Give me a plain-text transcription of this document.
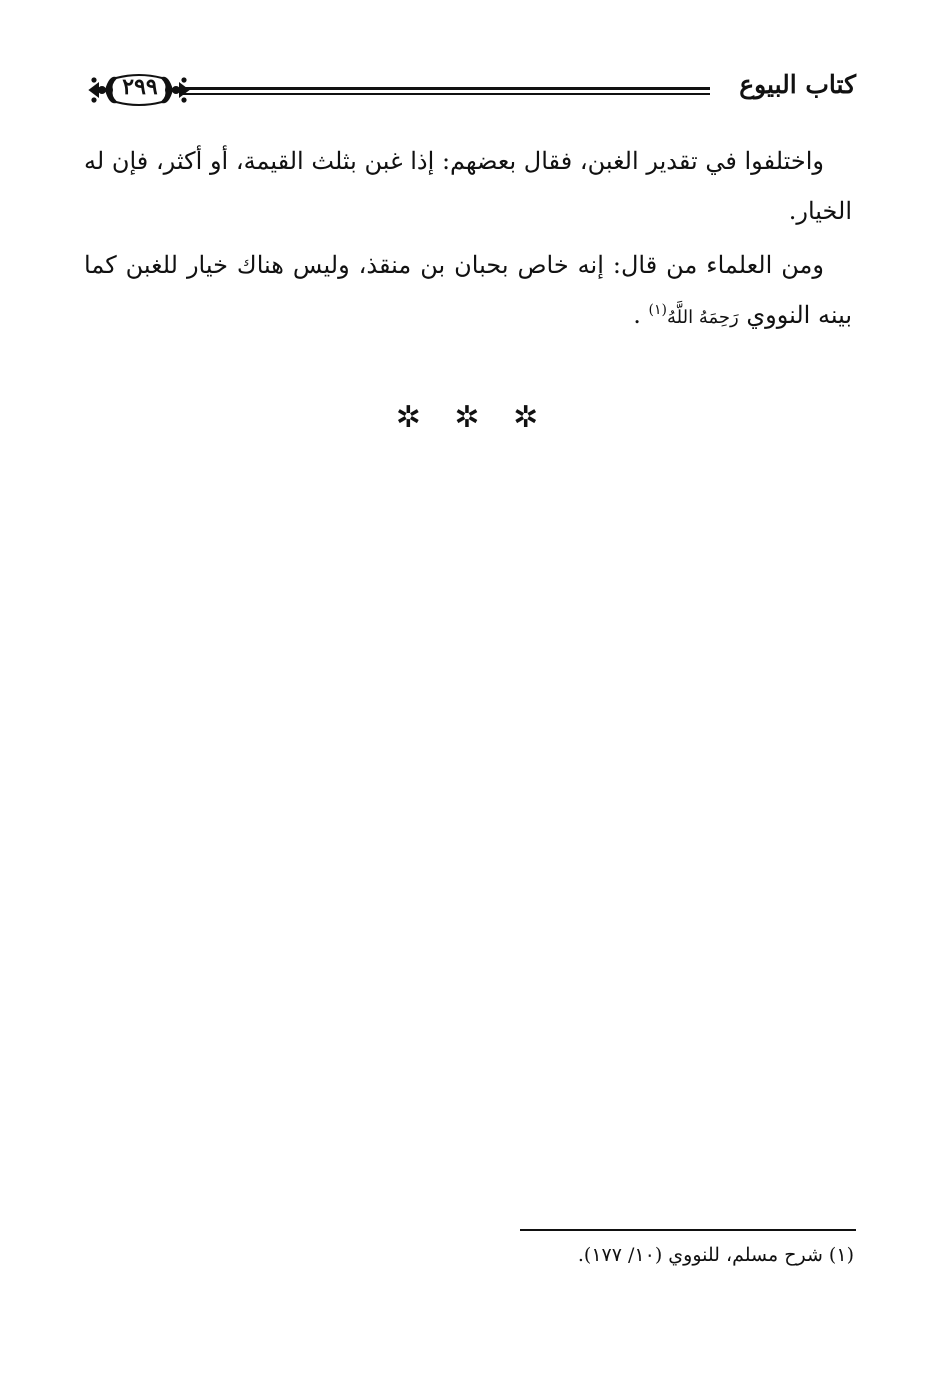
كتاب البيوع
٢٩٩

واختلفوا في تقدير الغبن، فقال بعضهم: إذا غبن بثلث القيمة، أو أكثر، فإن له الخيار.

ومن العلماء من قال: إنه خاص بحبان بن منقذ، وليس هناك خيار للغبن كما بينه النووي رَحِمَهُ اللَّهُ$^{(١)}$ .

✲ ✲ ✲
(١) شرح مسلم، للنووي (١٠/ ١٧٧).
